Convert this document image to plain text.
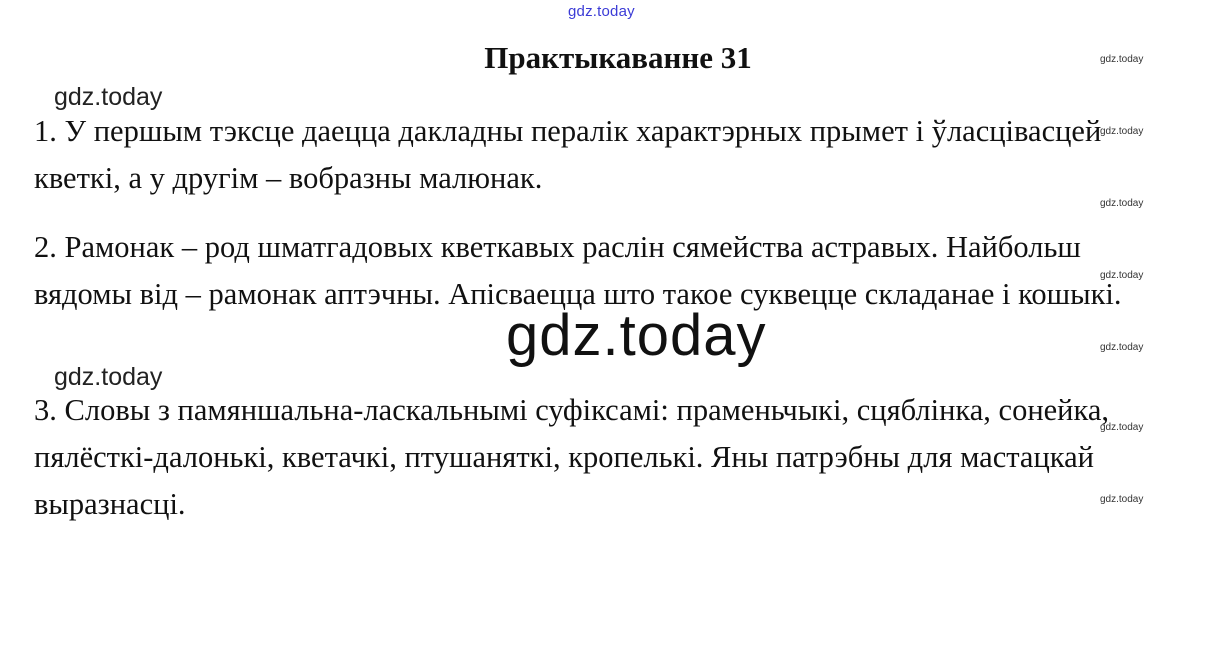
gdz.today
Практыкаванне 31	gdz.today
gdz.today
gdz.today
gdz.today
gdz.today
gdz.today
gdz.today
gdz.today
gdz.today

1. У першым тэксце даецца дакладны пералік характэрных прымет і ўласцівасцей кветкі, а у другім – вобразны малюнак.

2. Рамонак – род шматгадовых кветкавых раслін сямейства астравых. Найбольш вядомы від – рамонак аптэчны. Апісваецца што такое суквецце складанае і кошыкі.

3. Словы з памяншальна-ласкальнымі суфіксамі: праменьчыкі, сцяблінка, сонейка, пялёсткі-далонькі, кветачкі, птушаняткі, кропелькі. Яны патрэбны для мастацкай выразнасці.

gdz.today
